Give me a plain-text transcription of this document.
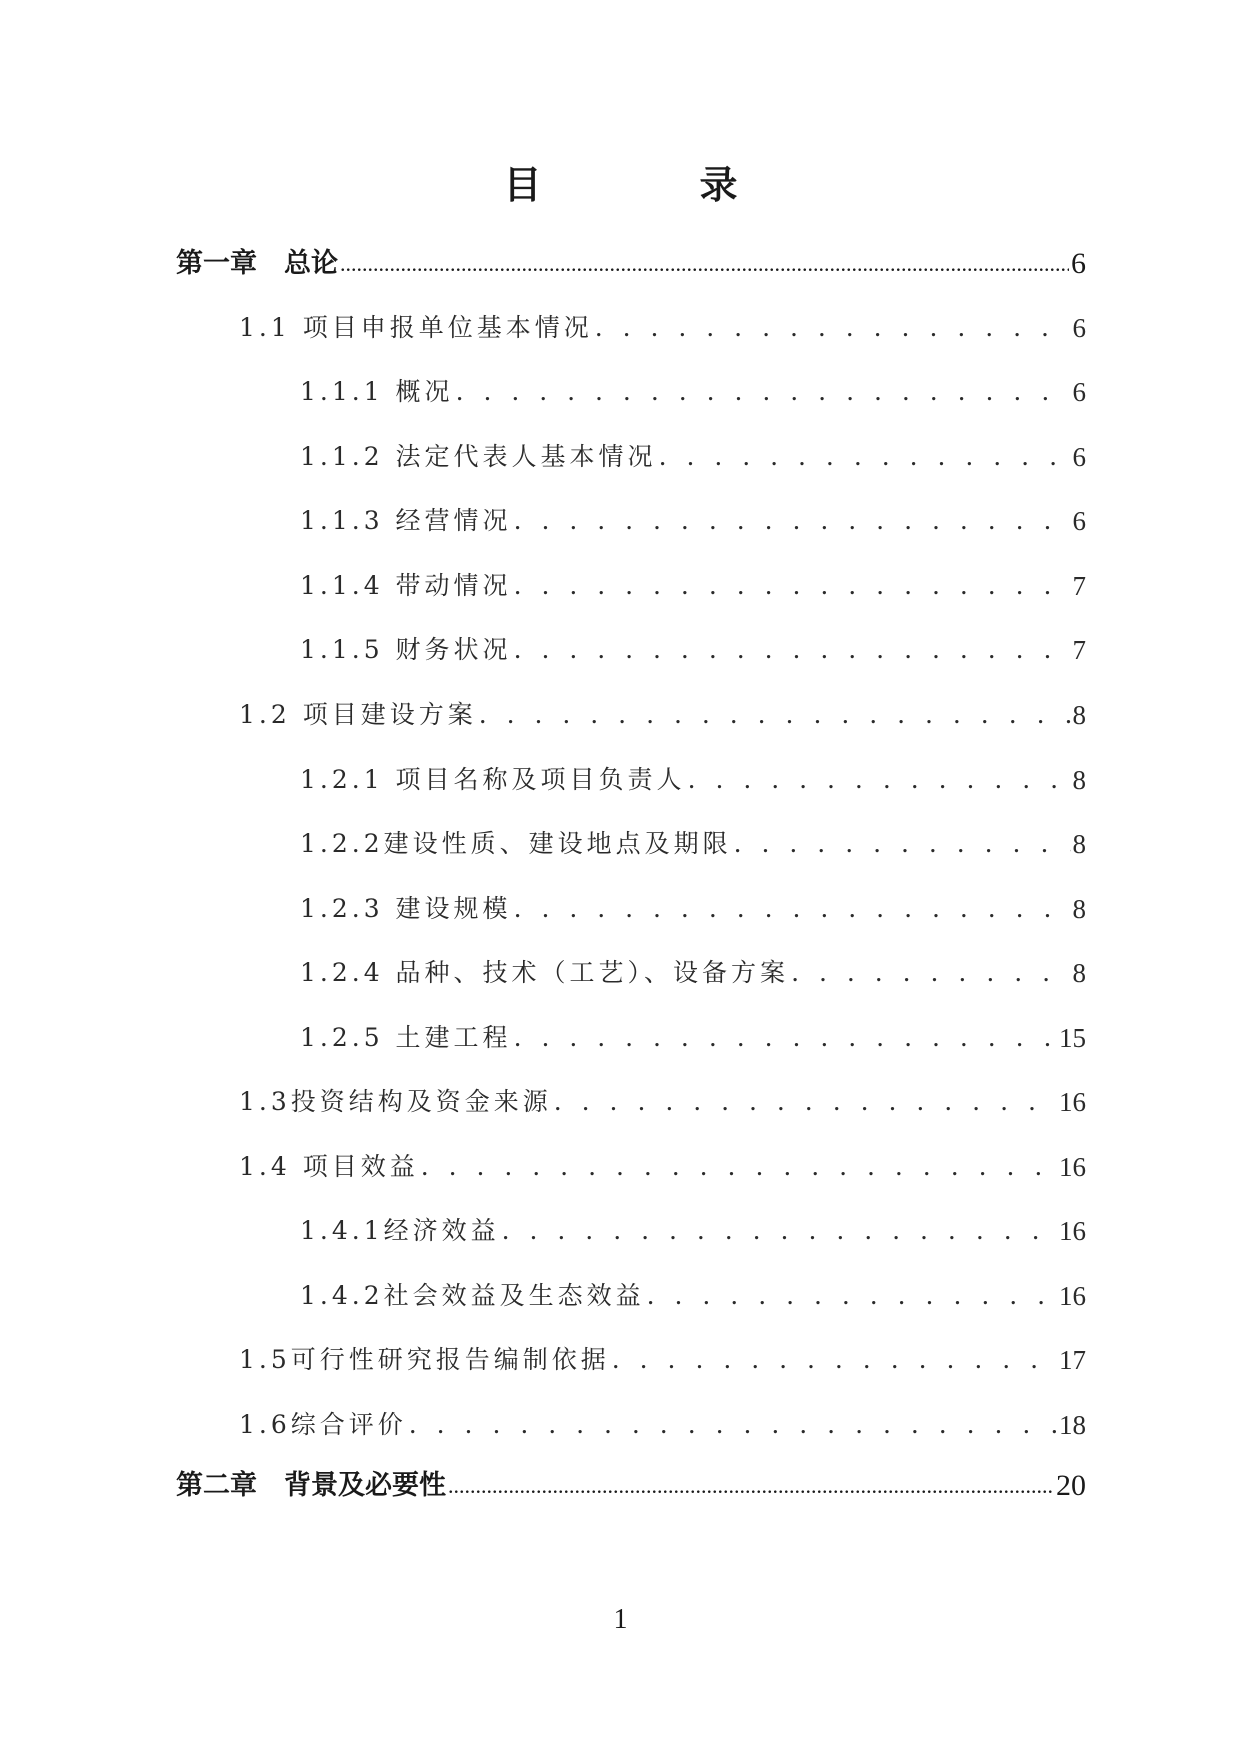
目　录
第一章　总论 .....	6
1.1 项目申报单位基本情况 . . .	6
1.1.1 概况 . . .	6
1.1.2 法定代表人基本情况 . . .	6
1.1.3 经营情况 . . .	6
1.1.4 带动情况 . . .	7
1.1.5 财务状况 . . .	7
1.2 项目建设方案 . . .	8
1.2.1 项目名称及项目负责人 . . .	8
1.2.2建设性质、建设地点及期限 . . .	8
1.2.3 建设规模 . . .	8
1.2.4 品种、技术（工艺）、设备方案 . . .	8
1.2.5 土建工程 . . .	15
1.3投资结构及资金来源 . . .	16
1.4 项目效益 . . .	16
1.4.1经济效益 . . .	16
1.4.2社会效益及生态效益 . . .	16
1.5可行性研究报告编制依据 . . .	17
1.6综合评价 . . .	18
第二章　背景及必要性 .....	20
1
